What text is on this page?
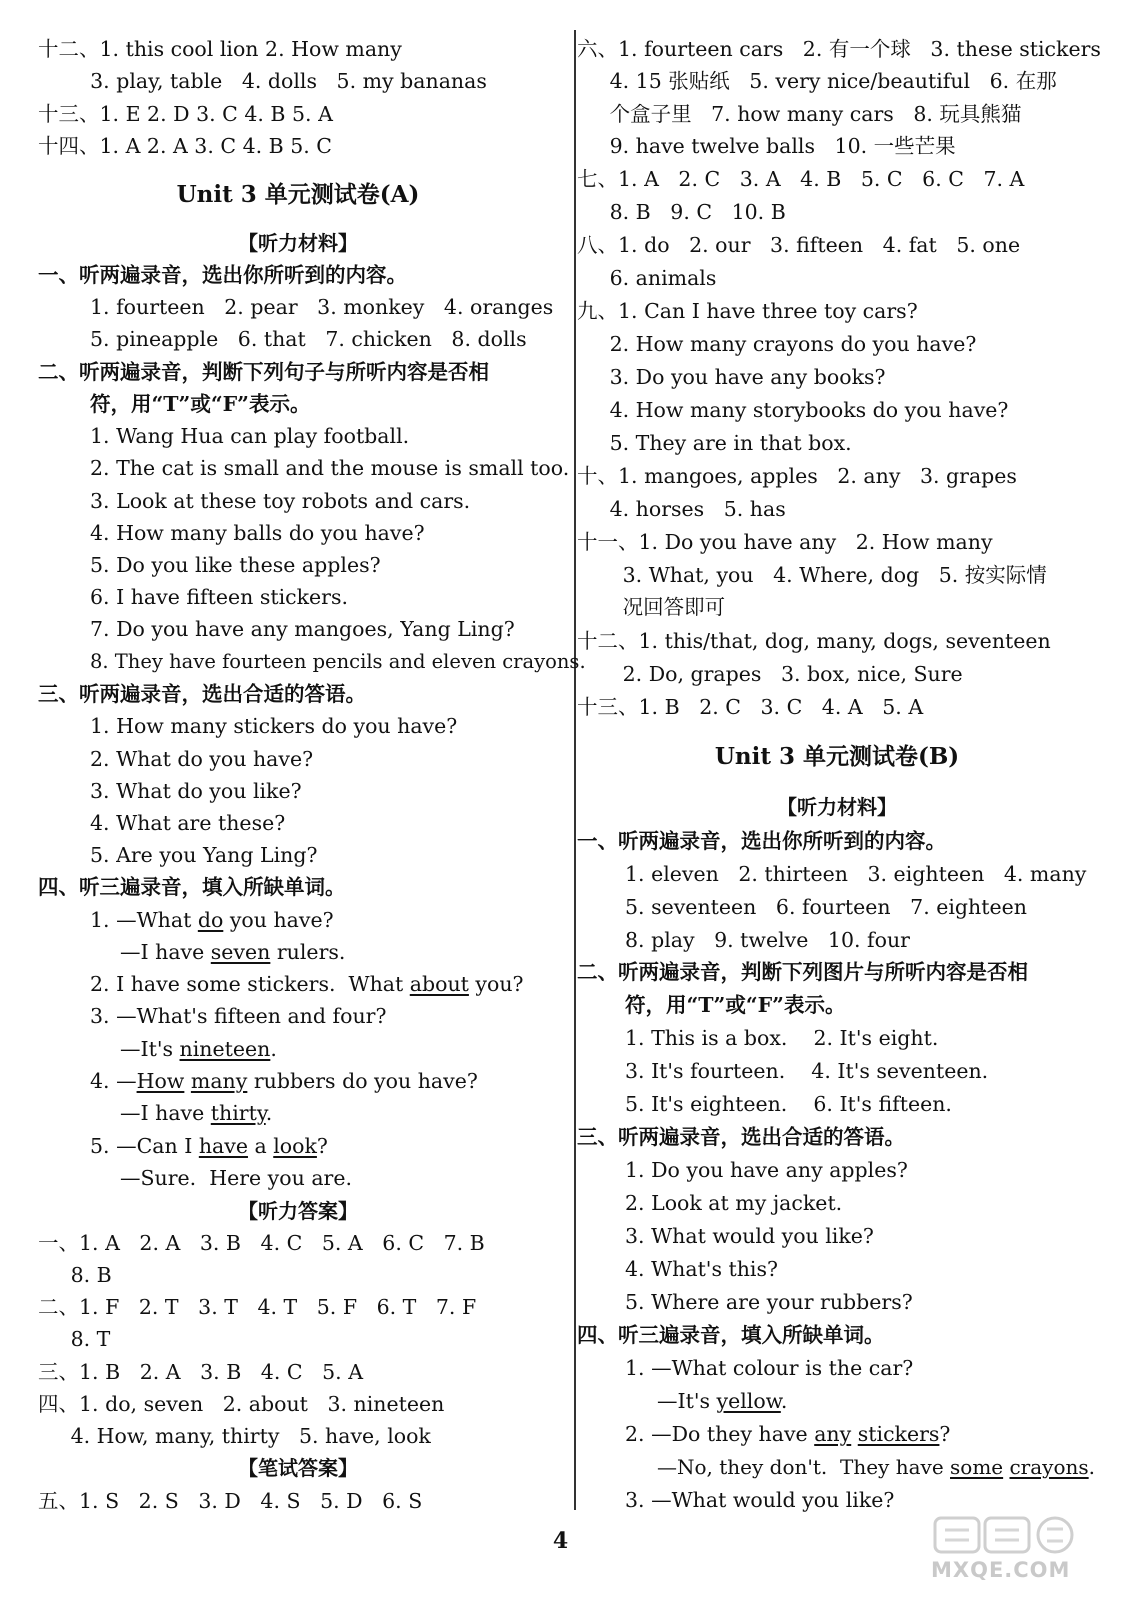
十二、1. this cool lion 2. How many
3. play, table   4. dolls   5. my bananas
十三、1. E 2. D 3. C 4. B 5. A
十四、1. A 2. A 3. C 4. B 5. C
Unit 3 单元测试卷(A)
【听力材料】
一、听两遍录音，选出你所听到的内容。
1. fourteen   2. pear   3. monkey   4. oranges
5. pineapple   6. that   7. chicken   8. dolls
二、听两遍录音，判断下列句子与所听内容是否相
符，用“T”或“F”表示。
1. Wang Hua can play football.
2. The cat is small and the mouse is small too.
3. Look at these toy robots and cars.
4. How many balls do you have?
5. Do you like these apples?
6. I have fifteen stickers.
7. Do you have any mangoes, Yang Ling?
8. They have fourteen pencils and eleven crayons.
三、听两遍录音，选出合适的答语。
1. How many stickers do you have?
2. What do you have?
3. What do you like?
4. What are these?
5. Are you Yang Ling?
四、听三遍录音，填入所缺单词。
1. —What do you have?
—I have seven rulers.
2. I have some stickers.  What about you?
3. —What's fifteen and four?
—It's nineteen.
4. —How many rubbers do you have?
—I have thirty.
5. —Can I have a look?
—Sure.  Here you are.
【听力答案】
一、1. A   2. A   3. B   4. C   5. A   6. C   7. B
8. B
二、1. F   2. T   3. T   4. T   5. F   6. T   7. F
8. T
三、1. B   2. A   3. B   4. C   5. A
四、1. do, seven   2. about   3. nineteen
4. How, many, thirty   5. have, look
【笔试答案】
五、1. S   2. S   3. D   4. S   5. D   6. S
六、1. fourteen cars   2. 有一个球   3. these stickers
4. 15 张贴纸   5. very nice/beautiful   6. 在那
个盒子里   7. how many cars   8. 玩具熊猫
9. have twelve balls   10. 一些芒果
七、1. A   2. C   3. A   4. B   5. C   6. C   7. A
8. B   9. C   10. B
八、1. do   2. our   3. fifteen   4. fat   5. one
6. animals
九、1. Can I have three toy cars?
2. How many crayons do you have?
3. Do you have any books?
4. How many storybooks do you have?
5. They are in that box.
十、1. mangoes, apples   2. any   3. grapes
4. horses   5. has
十一、1. Do you have any   2. How many
3. What, you   4. Where, dog   5. 按实际情
况回答即可
十二、1. this/that, dog, many, dogs, seventeen
2. Do, grapes   3. box, nice, Sure
十三、1. B   2. C   3. C   4. A   5. A
Unit 3 单元测试卷(B)
【听力材料】
一、听两遍录音，选出你所听到的内容。
1. eleven   2. thirteen   3. eighteen   4. many
5. seventeen   6. fourteen   7. eighteen
8. play   9. twelve   10. four
二、听两遍录音，判断下列图片与所听内容是否相
符，用“T”或“F”表示。
1. This is a box.    2. It's eight.
3. It's fourteen.    4. It's seventeen.
5. It's eighteen.    6. It's fifteen.
三、听两遍录音，选出合适的答语。
1. Do you have any apples?
2. Look at my jacket.
3. What would you like?
4. What's this?
5. Where are your rubbers?
四、听三遍录音，填入所缺单词。
1. —What colour is the car?
—It's yellow.
2. —Do they have any stickers?
—No, they don't.  They have some crayons.
3. —What would you like?
4
MXQE.COM
